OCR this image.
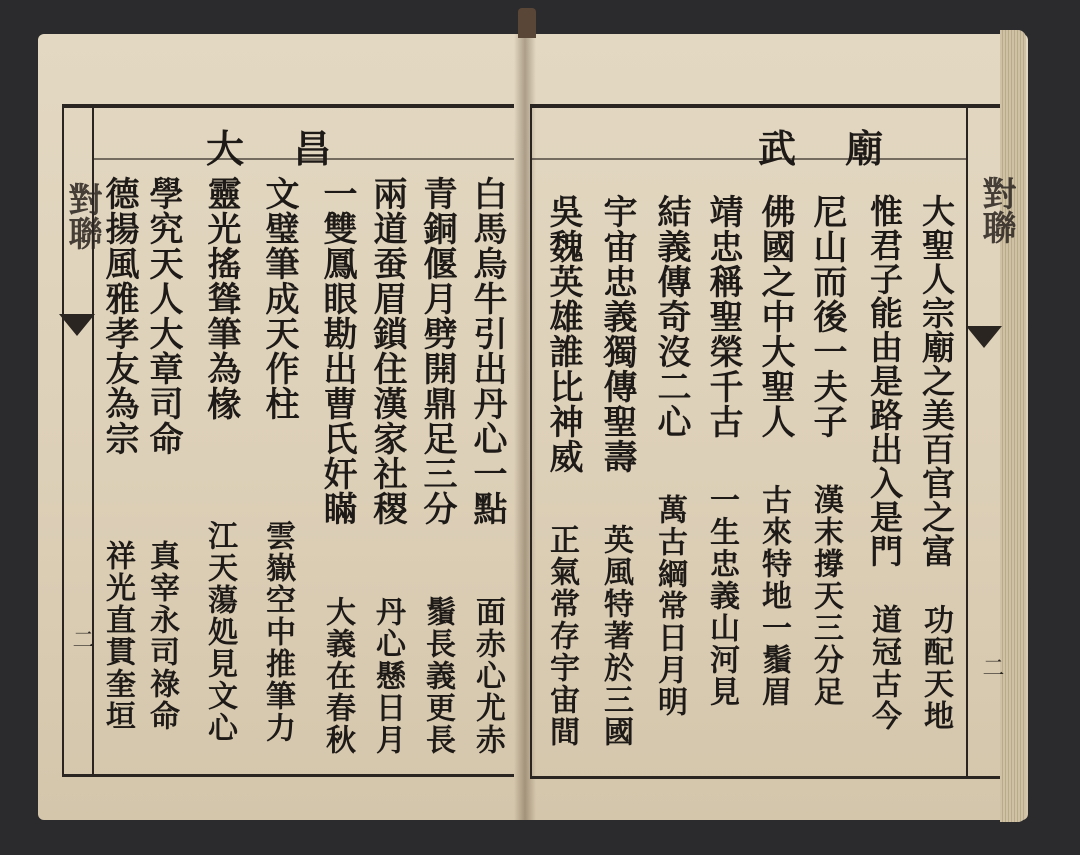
對聯
二
大 昌
白馬烏牛引出丹心一點
面赤心尤赤
青銅偃月劈開鼎足三分
鬚長義更長
兩道蚕眉鎖住漢家社稷
丹心懸日月
一雙鳳眼勘出曹氏奸瞞
大義在春秋
文璧筆成天作柱
雲嶽空中推筆力
靈光搖聳筆為椽
江天蕩処見文心
學究天人大章司命
真宰永司祿命
德揚風雅孝友為宗
祥光直貫奎垣
對聯
二
武 廟
大聖人宗廟之美百官之富
功配天地
惟君子能由是路出入是門
道冠古今
尼山而後一夫子
漢末撐天三分足
佛國之中大聖人
古來特地一鬚眉
靖忠稱聖榮千古
一生忠義山河見
結義傳奇沒二心
萬古綱常日月明
宇宙忠義獨傳聖壽
英風特著於三國
吳魏英雄誰比神威
正氣常存宇宙間
